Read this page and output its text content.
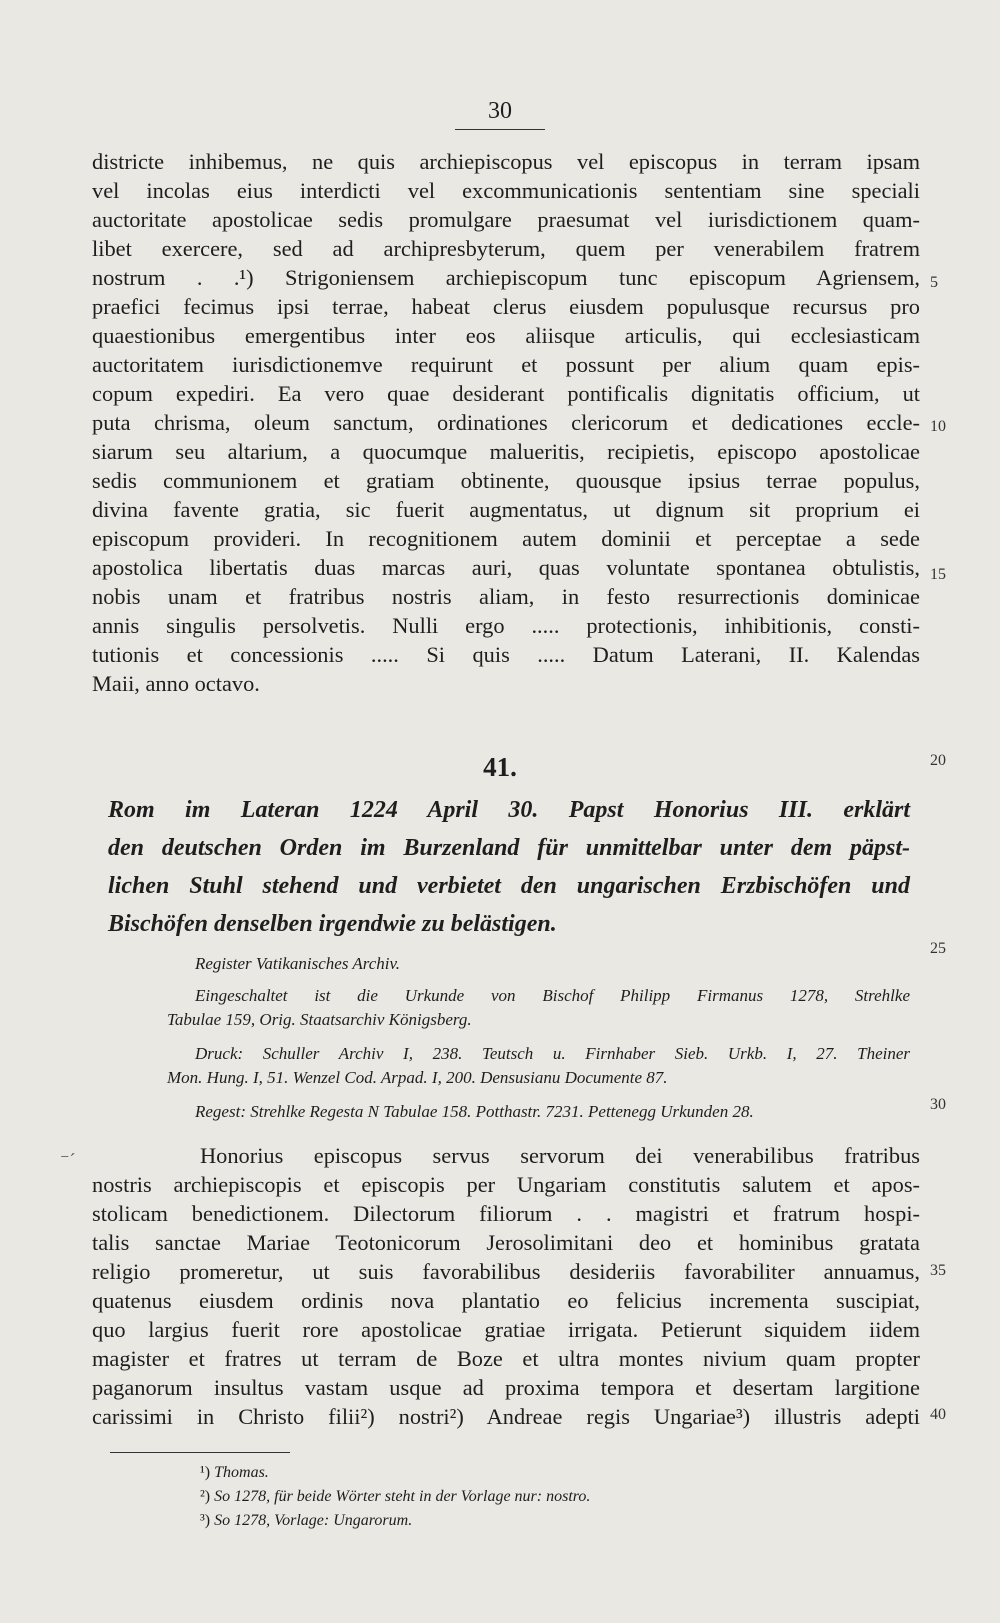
30
districte inhibemus, ne quis archiepiscopus vel episcopus in terram ipsam
vel incolas eius interdicti vel excommunicationis sententiam sine speciali
auctoritate apostolicae sedis promulgare praesumat vel iurisdictionem quam-
libet exercere, sed ad archipresbyterum, quem per venerabilem fratrem
nostrum . .¹) Strigoniensem archiepiscopum tunc episcopum Agriensem,
praefici fecimus ipsi terrae, habeat clerus eiusdem populusque recursus pro
quaestionibus emergentibus inter eos aliisque articulis, qui ecclesiasticam
auctoritatem iurisdictionemve requirunt et possunt per alium quam epis-
copum expediri. Ea vero quae desiderant pontificalis dignitatis officium, ut
puta chrisma, oleum sanctum, ordinationes clericorum et dedicationes eccle-
siarum seu altarium, a quocumque malueritis, recipietis, episcopo apostolicae
sedis communionem et gratiam obtinente, quousque ipsius terrae populus,
divina favente gratia, sic fuerit augmentatus, ut dignum sit proprium ei
episcopum provideri. In recognitionem autem dominii et perceptae a sede
apostolica libertatis duas marcas auri, quas voluntate spontanea obtulistis,
nobis unam et fratribus nostris aliam, in festo resurrectionis dominicae
annis singulis persolvetis. Nulli ergo ..... protectionis, inhibitionis, consti-
tutionis et concessionis ..... Si quis ..... Datum Laterani, II. Kalendas
Maii, anno octavo.
5
10
15
20
25
30
35
40
41.
Rom im Lateran 1224 April 30. Papst Honorius III. erklärt
den deutschen Orden im Burzenland für unmittelbar unter dem päpst-
lichen Stuhl stehend und verbietet den ungarischen Erzbischöfen und
Bischöfen denselben irgendwie zu belästigen.
Register Vatikanisches Archiv.
Eingeschaltet ist die Urkunde von Bischof Philipp Firmanus 1278, Strehlke
Tabulae 159, Orig. Staatsarchiv Königsberg.
Druck: Schuller Archiv I, 238. Teutsch u. Firnhaber Sieb. Urkb. I, 27. Theiner
Mon. Hung. I, 51. Wenzel Cod. Arpad. I, 200. Densusianu Documente 87.
Regest: Strehlke Regesta N Tabulae 158. Potthastr. 7231. Pettenegg Urkunden 28.
⁻´	Honorius episcopus servus servorum dei venerabilibus fratribus
nostris archiepiscopis et episcopis per Ungariam constitutis salutem et apos-
stolicam benedictionem. Dilectorum filiorum . . magistri et fratrum hospi-
talis sanctae Mariae Teotonicorum Jerosolimitani deo et hominibus gratata
religio promeretur, ut suis favorabilibus desideriis favorabiliter annuamus,
quatenus eiusdem ordinis nova plantatio eo felicius incrementa suscipiat,
quo largius fuerit rore apostolicae gratiae irrigata. Petierunt siquidem iidem
magister et fratres ut terram de Boze et ultra montes nivium quam propter
paganorum insultus vastam usque ad proxima tempora et desertam largitione
carissimi in Christo filii²) nostri²) Andreae regis Ungariae³) illustris adepti
¹) Thomas.
²) So 1278, für beide Wörter steht in der Vorlage nur: nostro.
³) So 1278, Vorlage: Ungarorum.
